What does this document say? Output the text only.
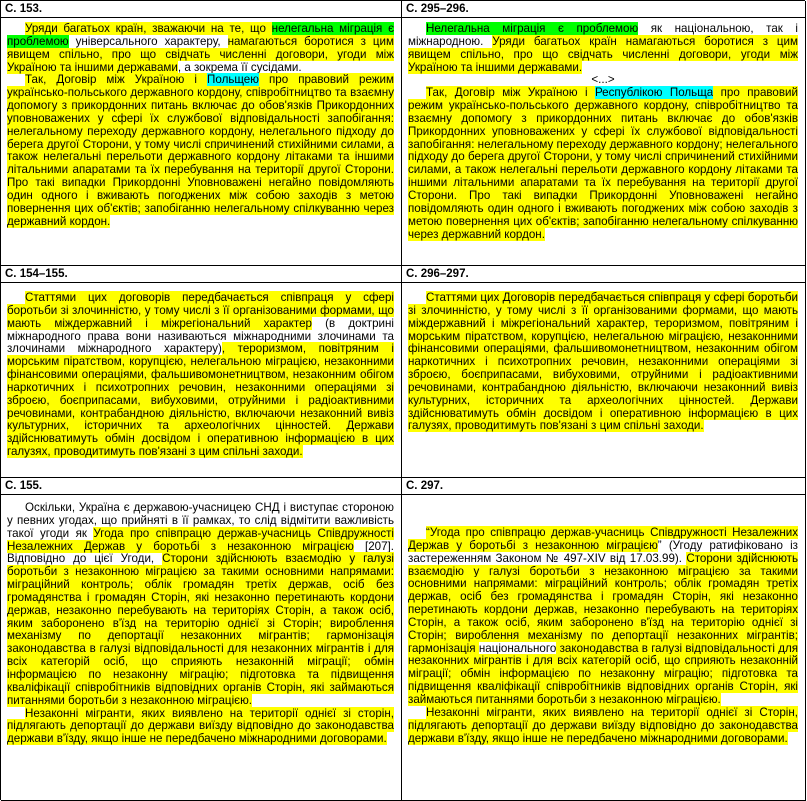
С. 153.

Уряди багатьох країн, зважаючи на те, що нелегальна міграція є проблемою універсального характеру, намагаються боротися з цим явищем спільно, про що свідчать численні договори, угоди між Україною та іншими державами, а зокрема її сусідами.

Так, Договір між Україною і Польщею про правовий режим українсько-польського державного кордону, співробітництво та взаємну допомогу з прикордонних питань включає до обов'язків Прикордонних уповноважених у сфері їх службової відповідальності запобігання: нелегальному переходу державного кордону, нелегального підходу до берега другої Сторони, у тому числі спричинений стихійними силами, а також нелегальні перельоти державного кордону літаками та іншими літальними апаратами та їх перебування на території другої Сторони. Про такі випадки Прикордонні Уповноважені негайно повідомляють один одного і вживають погоджених між собою заходів з метою повернення цих об'єктів; запобіганню нелегальному спілкуванню через державний кордон.

С. 295–296.

Нелегальна міграція є проблемою як національною, так і міжнародною. Уряди багатьох країн намагаються боротися з цим явищем спільно, про що свідчать численні договори, угоди між Україною та іншими державами.

<...>

Так, Договір між Україною і Республікою Польща про правовий режим українсько-польського державного кордону, співробітництво та взаємну допомогу з прикордонних питань включає до обов'язків Прикордонних уповноважених у сфері їх службової відповідальності запобігання: нелегальному переходу державного кордону; нелегального підходу до берега другої Сторони, у тому числі спричинений стихійними силами, а також нелегальні перельоти державного кордону літаками та іншими літальними апаратами та їх перебування на території другої Сторони. Про такі випадки Прикордонні Уповноважені негайно повідомляють один одного і вживають погоджених між собою заходів з метою повернення цих об'єктів; запобіганню нелегальному спілкуванню через державний кордон.

С. 154–155.

Статтями цих договорів передбачається співпраця у сфері боротьби зі злочинністю, у тому числі з її організованими формами, що мають міждержавний і міжрегіональний характер (в доктрині міжнародного права вони називаються міжнародними злочинами та злочинами міжнародного характеру), тероризмом, повітряним і морським піратством, корупцією, нелегальною міграцією, незаконними фінансовими операціями, фальшивомонетництвом, незаконним обігом наркотичних і психотропних речовин, незаконними операціями зі зброєю, боєприпасами, вибуховими, отруйними і радіоактивними речовинами, контрабандною діяльністю, включаючи незаконний вивіз культурних, історичних та археологічних цінностей. Держави здійснюватимуть обмін досвідом і оперативною інформацією в цих галузях, проводитимуть пов'язані з цим спільні заходи.

С. 296–297.

Статтями цих Договорів передбачається співпраця у сфері боротьби зі злочинністю, у тому числі з її організованими формами, що мають міждержавний і міжрегіональний характер, тероризмом, повітряним і морським піратством, корупцією, нелегальною міграцією, незаконними фінансовими операціями, фальшивомонетництвом, незаконним обігом наркотичних і психотропних речовин, незаконними операціями зі зброєю, боєприпасами, вибуховими, отруйними і радіоактивними речовинами, контрабандною діяльністю, включаючи незаконний вивіз культурних, історичних та археологічних цінностей. Держави здійснюватимуть обмін досвідом і оперативною інформацією в цих галузях, проводитимуть пов'язані з цим спільні заходи.

С. 155.

Оскільки, Україна є державою-учасницею СНД і виступає стороною у певних угодах, що прийняті в її рамках, то слід відмітити важливість такої угоди як Угода про співпрацю держав-учасниць Співдружності Незалежних Держав у боротьбі з незаконною міграцією [207]. Відповідно до цієї Угоди, Сторони здійснюють взаємодію у галузі боротьби з незаконною міграцією за такими основними напрямами: міграційний контроль; облік громадян третіх держав, осіб без громадянства і громадян Сторін, які незаконно перетинають кордони держав, незаконно перебувають на територіях Сторін, а також осіб, яким заборонено в'їзд на територію однієї зі Сторін; вироблення механізму по депортації незаконних мігрантів; гармонізація законодавства в галузі відповідальності для незаконних мігрантів і для всіх категорій осіб, що сприяють незаконній міграції; обмін інформацією по незаконну міграцію; підготовка та підвищення кваліфікації співробітників відповідних органів Сторін, які займаються питаннями боротьби з незаконною міграцією.

Незаконні мігранти, яких виявлено на території однієї зі сторін, підлягають депортації до держави виїзду відповідно до законодавства держави в'їзду, якщо інше не передбачено міжнародними договорами.

С. 297.

“Угода про співпрацю держав-учасниць Співдружності Незалежних Держав у боротьбі з незаконною міграцією” (Угоду ратифіковано із застереженням Законом № 497-XIV від 17.03.99). Сторони здійснюють взаємодію у галузі боротьби з незаконною міграцією за такими основними напрямами: міграційний контроль; облік громадян третіх держав, осіб без громадянства і громадян Сторін, які незаконно перетинають кордони держав, незаконно перебувають на територіях Сторін, а також осіб, яким заборонено в'їзд на територію однієї зі Сторін; вироблення механізму по депортації незаконних мігрантів; гармонізація національного законодавства в галузі відповідальності для незаконних мігрантів і для всіх категорій осіб, що сприяють незаконній міграції; обмін інформацією по незаконну міграцію; підготовка та підвищення кваліфікації співробітників відповідних органів Сторін, які займаються питаннями боротьби з незаконною міграцією.

Незаконні мігранти, яких виявлено на території однієї зі Сторін, підлягають депортації до держави виїзду відповідно до законодавства держави в'їзду, якщо інше не передбачено міжнародними договорами.
